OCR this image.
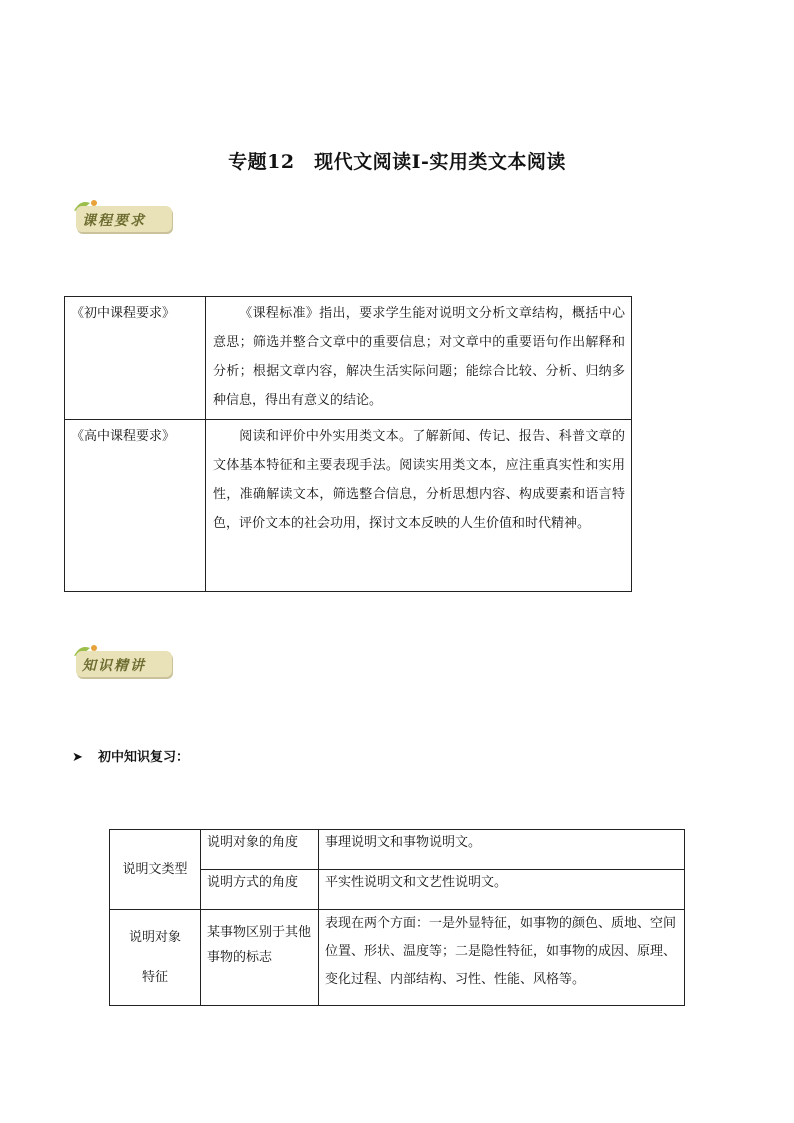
专题12　现代文阅读Ⅰ-实用类文本阅读
课程要求
《初中课程要求》	《课程标准》指出，要求学生能对说明文分析文章结构，概括中心意思；筛选并整合文章中的重要信息；对文章中的重要语句作出解释和分析；根据文章内容，解决生活实际问题；能综合比较、分析、归纳多种信息，得出有意义的结论。
《高中课程要求》	阅读和评价中外实用类文本。了解新闻、传记、报告、科普文章的文体基本特征和主要表现手法。阅读实用类文本，应注重真实性和实用性，准确解读文本，筛选整合信息，分析思想内容、构成要素和语言特色，评价文本的社会功用，探讨文本反映的人生价值和时代精神。
知识精讲
➤ 初中知识复习：
说明文类型	说明对象的角度	事理说明文和事物说明文。
	说明方式的角度	平实性说明文和文艺性说明文。

说明对象
特征	某事物区别于其他事物的标志	表现在两个方面：一是外显特征，如事物的颜色、质地、空间位置、形状、温度等；二是隐性特征，如事物的成因、原理、变化过程、内部结构、习性、性能、风格等。
